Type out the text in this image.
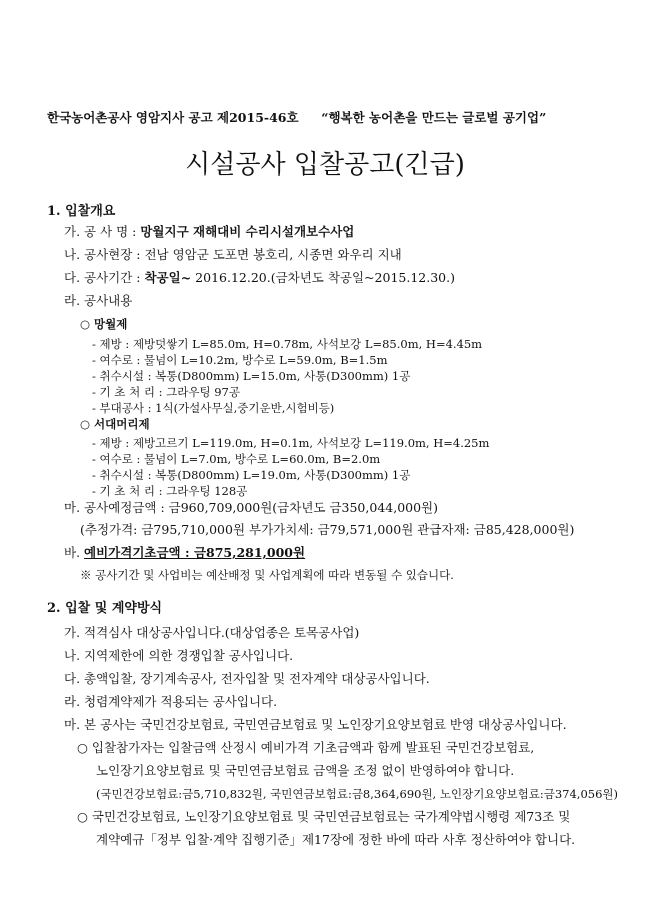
한국농어촌공사 영암지사 공고 제2015-46호 “행복한 농어촌을 만드는 글로벌 공기업”
시설공사 입찰공고(긴급)
1. 입찰개요
가. 공 사 명 : 망월지구 재해대비 수리시설개보수사업
나. 공사현장 : 전남 영암군 도포면 봉호리, 시종면 와우리 지내
다. 공사기간 : 착공일~ 2016.12.20.(금차년도 착공일~2015.12.30.)
라. 공사내용
○ 망월제
- 제방 : 제방덧쌓기 L=85.0m, H=0.78m, 사석보강 L=85.0m, H=4.45m
- 여수로 : 물넘이 L=10.2m, 방수로 L=59.0m, B=1.5m
- 취수시설 : 복통(D800mm) L=15.0m, 사통(D300mm) 1공
- 기 초 처 리 : 그라우팅 97공
- 부대공사 : 1식(가설사무실,중기운반,시험비등)
○ 서대머리제
- 제방 : 제방고르기 L=119.0m, H=0.1m, 사석보강 L=119.0m, H=4.25m
- 여수로 : 물넘이 L=7.0m, 방수로 L=60.0m, B=2.0m
- 취수시설 : 복통(D800mm) L=19.0m, 사통(D300mm) 1공
- 기 초 처 리 : 그라우팅 128공
마. 공사예정금액 : 금960,709,000원(금차년도 금350,044,000원)
(추정가격: 금795,710,000원 부가가치세: 금79,571,000원 관급자재: 금85,428,000원)
바. 예비가격기초금액 : 금875,281,000원
※ 공사기간 및 사업비는 예산배정 및 사업계획에 따라 변동될 수 있습니다.
2. 입찰 및 계약방식
가. 적격심사 대상공사입니다.(대상업종은 토목공사업)
나. 지역제한에 의한 경쟁입찰 공사입니다.
다. 총액입찰, 장기계속공사, 전자입찰 및 전자계약 대상공사입니다.
라. 청렴계약제가 적용되는 공사입니다.
마. 본 공사는 국민건강보험료, 국민연금보험료 및 노인장기요양보험료 반영 대상공사입니다.
○ 입찰참가자는 입찰금액 산정시 예비가격 기초금액과 함께 발표된 국민건강보험료,
노인장기요양보험료 및 국민연금보험료 금액을 조정 없이 반영하여야 합니다.
(국민건강보험료:금5,710,832원, 국민연금보험료:금8,364,690원, 노인장기요양보험료:금374,056원)
○ 국민건강보험료, 노인장기요양보험료 및 국민연금보험료는 국가계약법시행령 제73조 및
계약예규「정부 입찰·계약 집행기준」제17장에 정한 바에 따라 사후 정산하여야 합니다.
